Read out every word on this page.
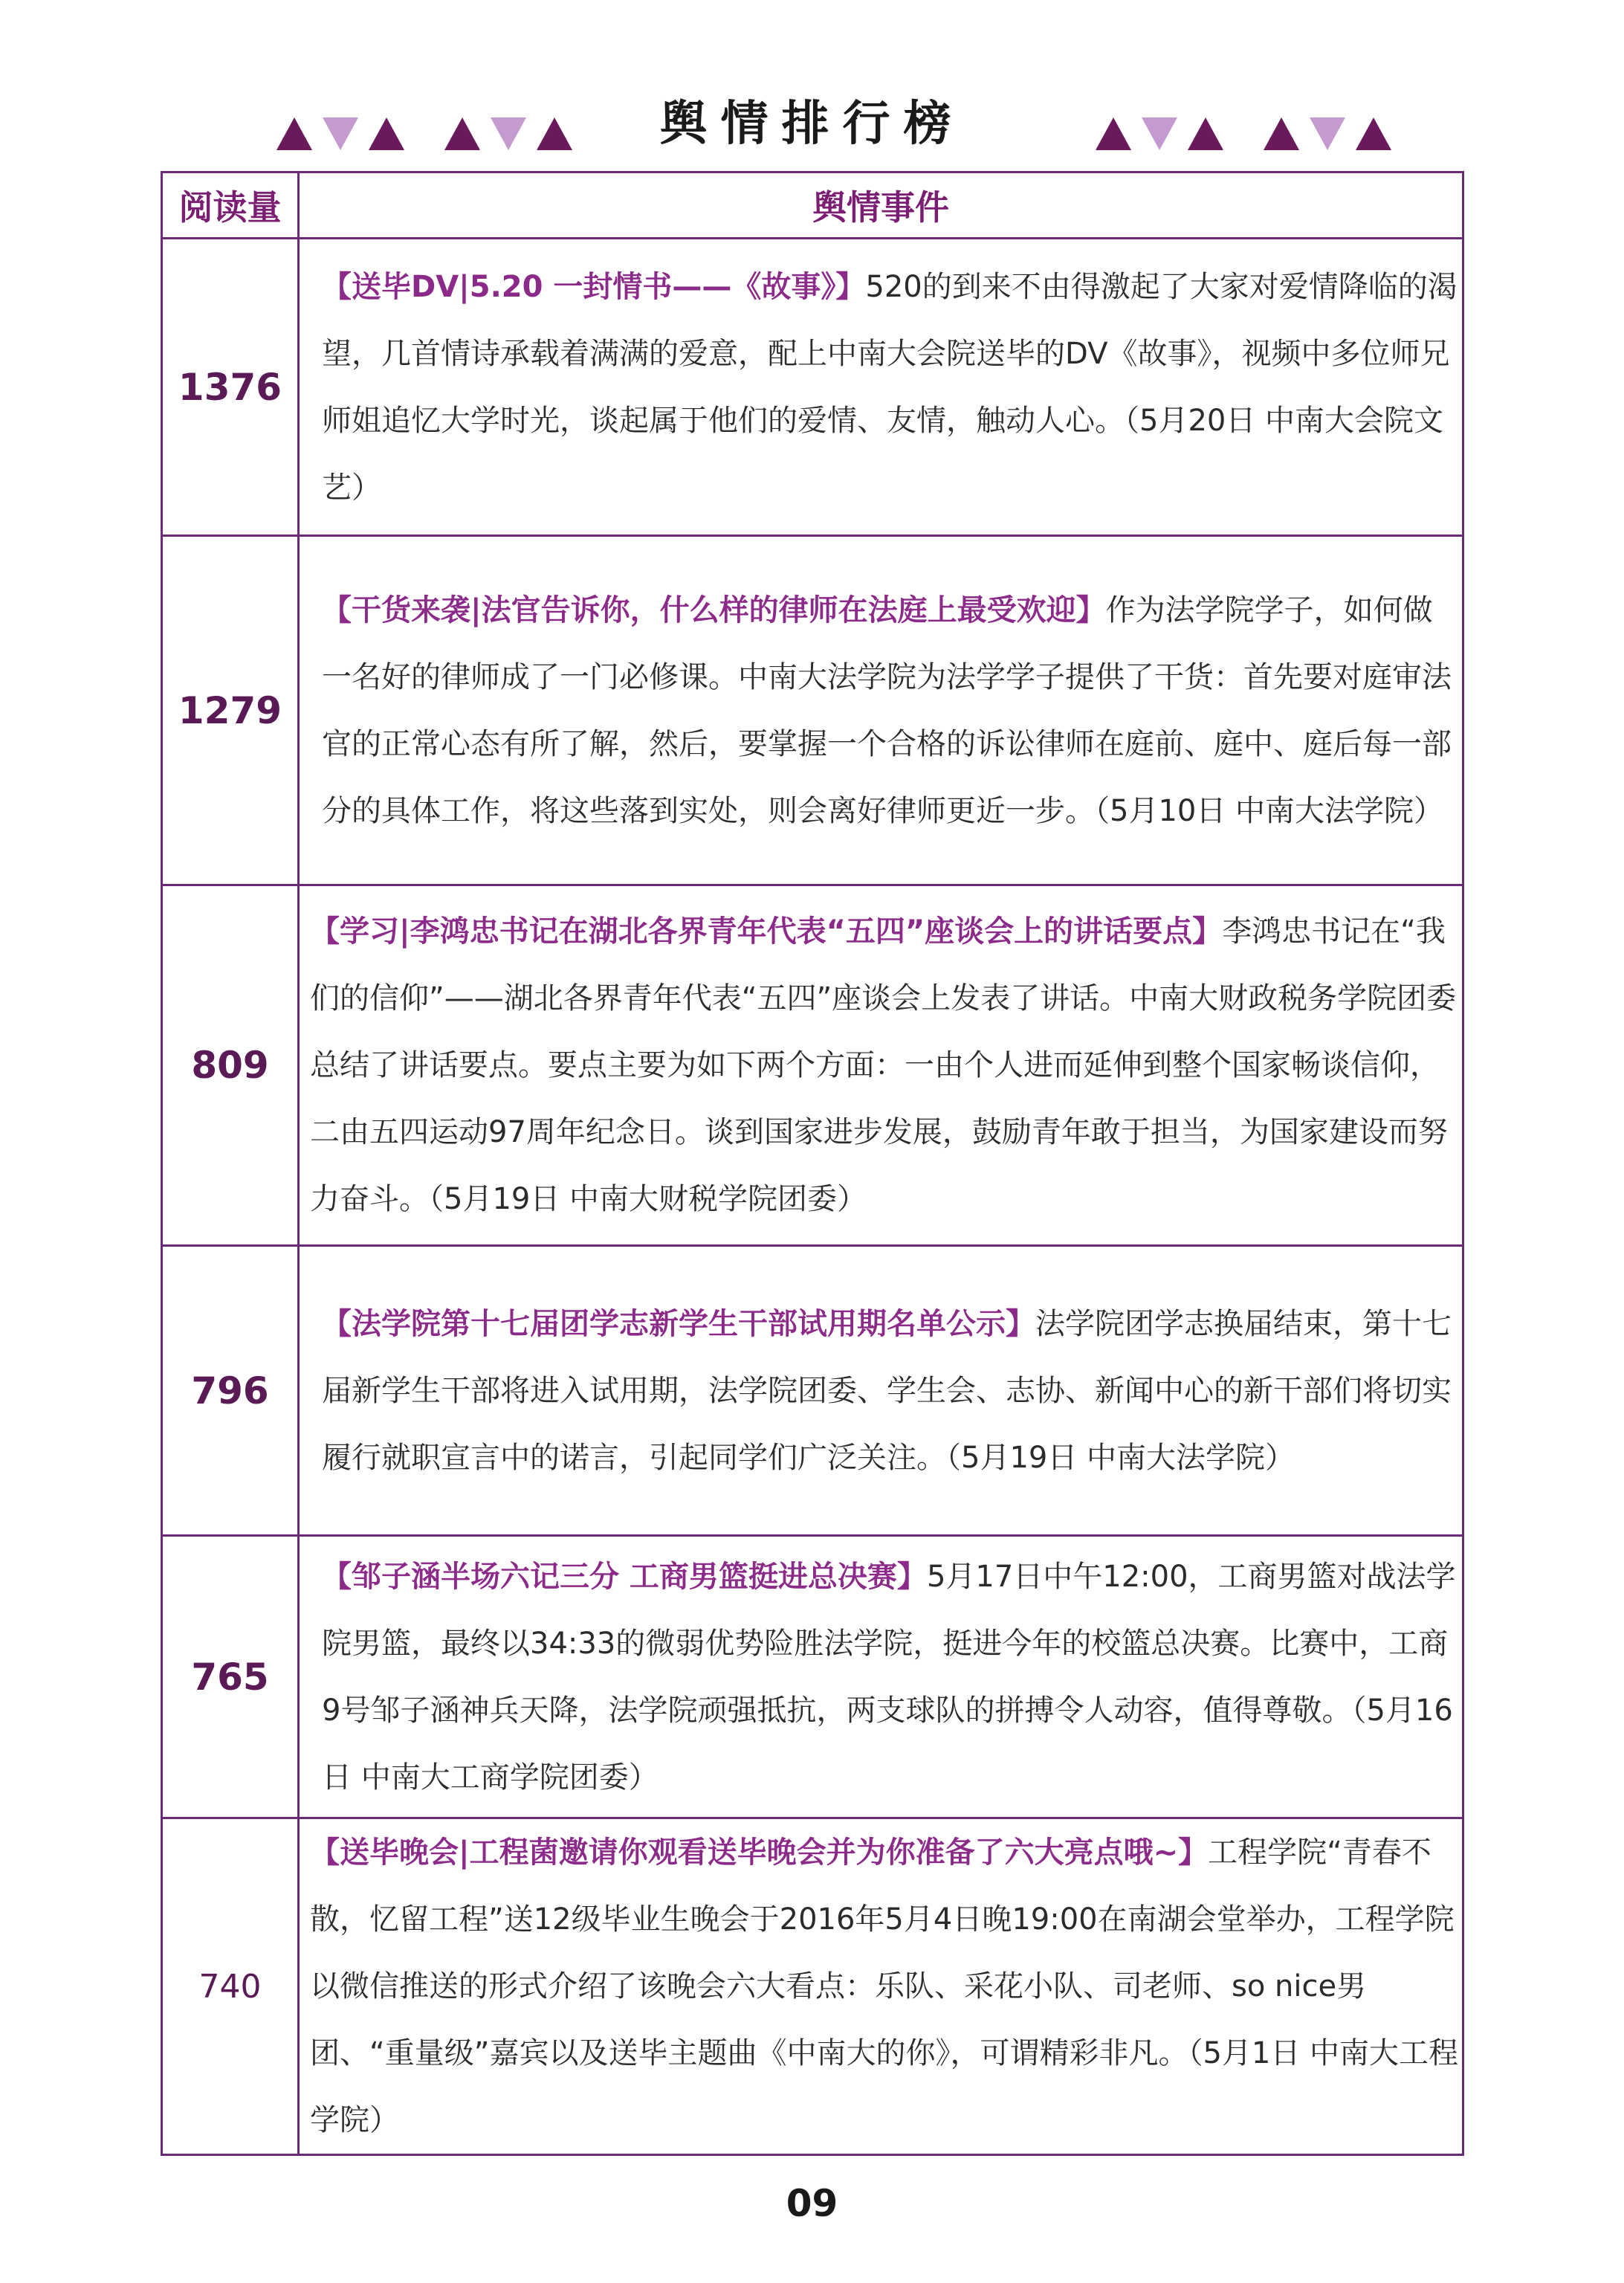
舆情排行榜
阅读量	舆情事件
1376	【送毕DV|5.20 一封情书——《故事》】520的到来不由得激起了大家对爱情降临的渴望，几首情诗承载着满满的爱意，配上中南大会院送毕的DV《故事》，视频中多位师兄师姐追忆大学时光，谈起属于他们的爱情、友情，触动人心。（5月20日 中南大会院文艺）
1279	【干货来袭|法官告诉你，什么样的律师在法庭上最受欢迎】作为法学院学子，如何做一名好的律师成了一门必修课。中南大法学院为法学学子提供了干货：首先要对庭审法官的正常心态有所了解，然后，要掌握一个合格的诉讼律师在庭前、庭中、庭后每一部分的具体工作，将这些落到实处，则会离好律师更近一步。（5月10日 中南大法学院）
809	【学习|李鸿忠书记在湖北各界青年代表“五四”座谈会上的讲话要点】李鸿忠书记在“我们的信仰”——湖北各界青年代表“五四”座谈会上发表了讲话。中南大财政税务学院团委总结了讲话要点。要点主要为如下两个方面：一由个人进而延伸到整个国家畅谈信仰，二由五四运动97周年纪念日。谈到国家进步发展，鼓励青年敢于担当，为国家建设而努力奋斗。（5月19日 中南大财税学院团委）
796	【法学院第十七届团学志新学生干部试用期名单公示】法学院团学志换届结束，第十七届新学生干部将进入试用期，法学院团委、学生会、志协、新闻中心的新干部们将切实履行就职宣言中的诺言，引起同学们广泛关注。（5月19日 中南大法学院）
765	【邹子涵半场六记三分 工商男篮挺进总决赛】5月17日中午12:00，工商男篮对战法学院男篮，最终以34:33的微弱优势险胜法学院，挺进今年的校篮总决赛。比赛中，工商9号邹子涵神兵天降，法学院顽强抵抗，两支球队的拼搏令人动容，值得尊敬。（5月16日 中南大工商学院团委）
740	【送毕晚会|工程菌邀请你观看送毕晚会并为你准备了六大亮点哦~】工程学院“青春不散，忆留工程”送12级毕业生晚会于2016年5月4日晚19:00在南湖会堂举办，工程学院以微信推送的形式介绍了该晚会六大看点：乐队、采花小队、司老师、so nice男团、“重量级”嘉宾以及送毕主题曲《中南大的你》，可谓精彩非凡。（5月1日 中南大工程学院）
09
